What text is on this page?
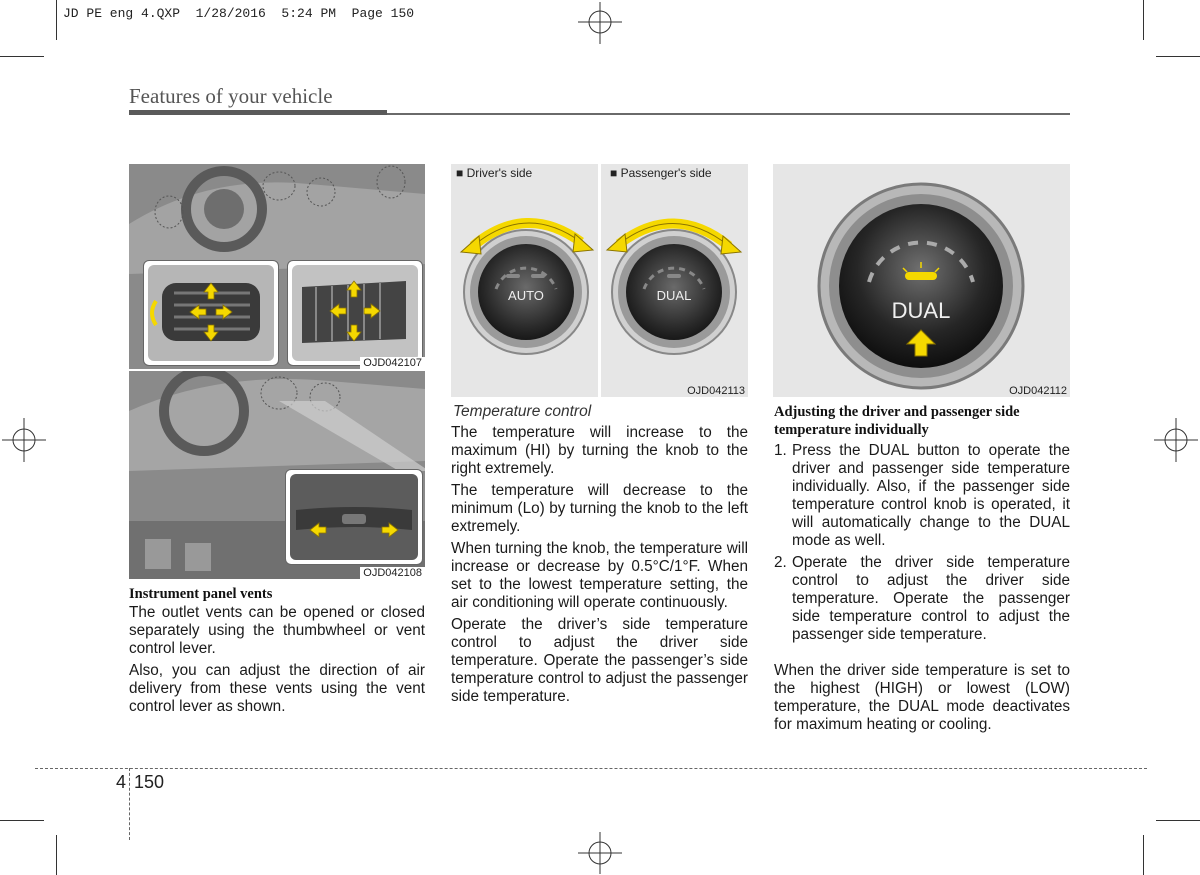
JD PE eng 4.QXP  1/28/2016  5:24 PM  Page 150
Features of your vehicle
OJD042107
OJD042108
Instrument panel vents

The outlet vents can be opened or closed separately using the thumbwheel or vent control lever.

Also, you can adjust the direction of air delivery from these vents using the vent control lever as shown.

■ Driver's side	■ Passenger's side
AUTO	DUAL
OJD042113
Temperature control

The temperature will increase to the maximum (HI) by turning the knob to the right extremely.

The temperature will decrease to the minimum (Lo) by turning the knob to the left extremely.

When turning the knob, the temperature will increase or decrease by 0.5°C/1°F. When set to the lowest temperature setting, the air conditioning will operate continuously.

Operate the driver’s side temperature control to adjust the driver side temperature. Operate the passenger’s side temperature control to adjust the passenger side temperature.

DUAL
OJD042112
Adjusting the driver and passenger side temperature individually
1. Press the DUAL button to operate the driver and passenger side temperature individually. Also, if the passenger side temperature control knob is operated, it will automatically change to the DUAL mode as well.
2. Operate the driver side temperature control to adjust the driver side temperature. Operate the passenger side temperature control to adjust the passenger side temperature.
When the driver side temperature is set to the highest (HIGH) or lowest (LOW) temperature, the DUAL mode deactivates for maximum heating or cooling.
4 150
